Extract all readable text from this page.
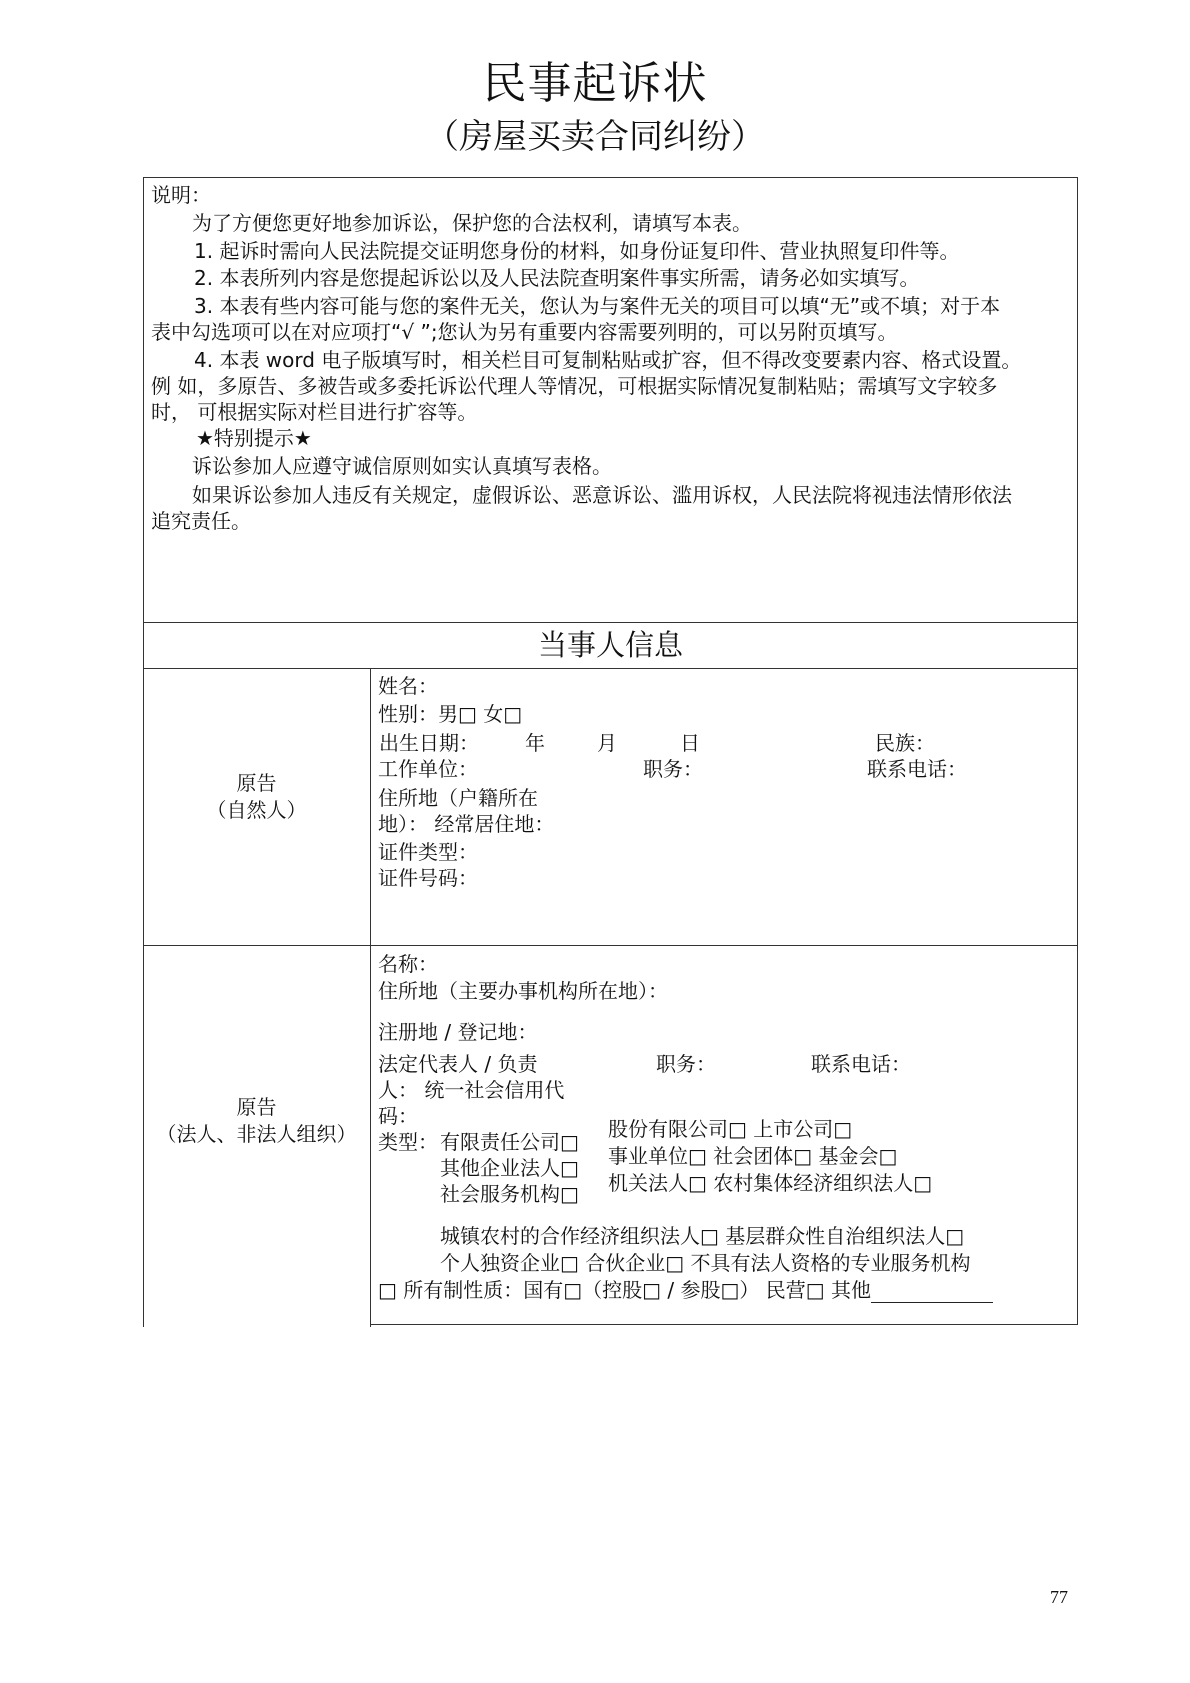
民事起诉状
（房屋买卖合同纠纷）
说明：
为了方便您更好地参加诉讼，保护您的合法权利，请填写本表。
1. 起诉时需向人民法院提交证明您身份的材料，如身份证复印件、营业执照复印件等。
2. 本表所列内容是您提起诉讼以及人民法院查明案件事实所需，请务必如实填写。
3. 本表有些内容可能与您的案件无关，您认为与案件无关的项目可以填“无”或不填；对于本
表中勾选项可以在对应项打“√ ”;您认为另有重要内容需要列明的，可以另附页填写。
4. 本表 word 电子版填写时，相关栏目可复制粘贴或扩容，但不得改变要素内容、格式设置。
例 如，多原告、多被告或多委托诉讼代理人等情况，可根据实际情况复制粘贴；需填写文字较多
时， 可根据实际对栏目进行扩容等。
★特别提示★
诉讼参加人应遵守诚信原则如实认真填写表格。
如果诉讼参加人违反有关规定，虚假诉讼、恶意诉讼、滥用诉权，人民法院将视违法情形依法
追究责任。
当事人信息
原告
（自然人）
姓名：
性别：男□ 女□
出生日期： 年	月	日	民族：
工作单位：	职务：	联系电话：
住所地（户籍所在
地）： 经常居住地：
证件类型：
证件号码：
原告
（法人、非法人组织）
名称：
住所地（主要办事机构所在地）：
注册地 / 登记地：
法定代表人 / 负责	职务：	联系电话：
人： 统一社会信用代
码：
类型： 有限责任公司□
其他企业法人□
社会服务机构□
股份有限公司□ 上市公司□
事业单位□ 社会团体□ 基金会□
机关法人□ 农村集体经济组织法人□
城镇农村的合作经济组织法人□ 基层群众性自治组织法人□
个人独资企业□ 合伙企业□ 不具有法人资格的专业服务机构
□ 所有制性质：国有□（控股□ / 参股□） 民营□ 其他
77
